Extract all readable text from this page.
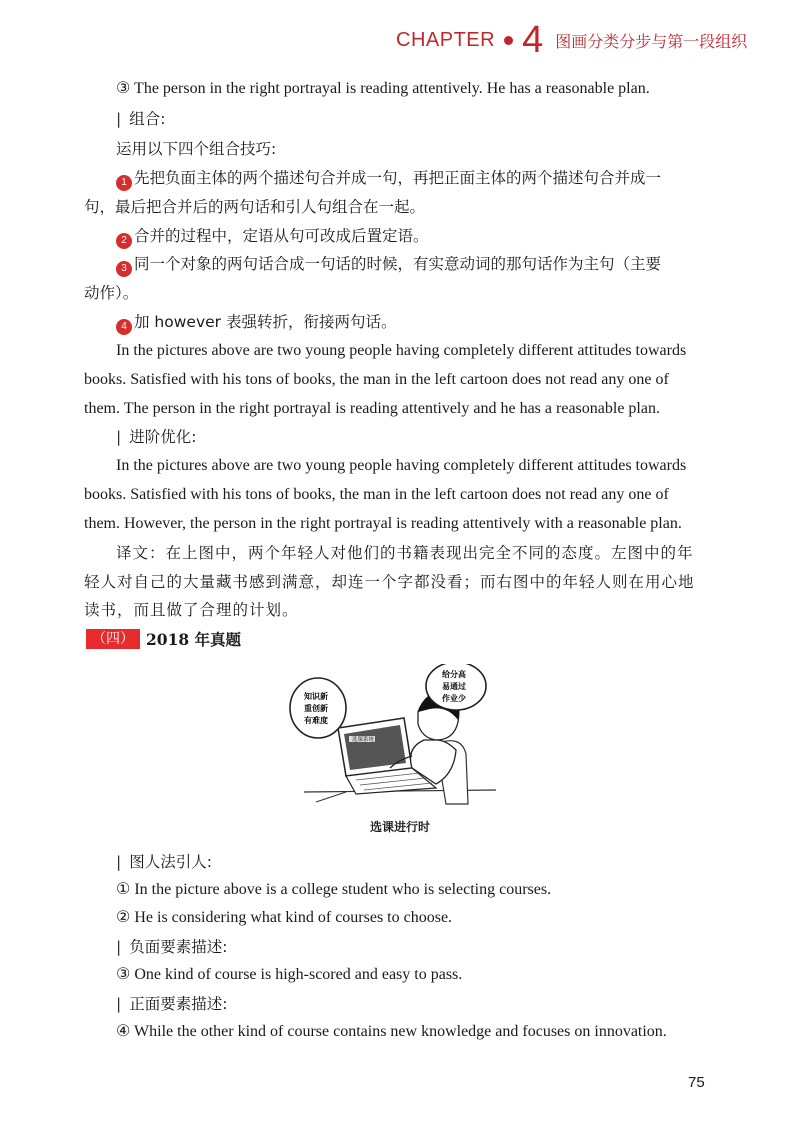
CHAPTER 4 图画分类分步与第一段组织
③ The person in the right portrayal is reading attentively. He has a reasonable plan.
| 组合:
运用以下四个组合技巧:
1 先把负面主体的两个描述句合并成一句，再把正面主体的两个描述句合并成一
句，最后把合并后的两句话和引人句组合在一起。
2 合并的过程中，定语从句可改成后置定语。
3 同一个对象的两句话合成一句话的时候，有实意动词的那句话作为主句（主要
动作）。
4 加 however 表强转折，衔接两句话。
In the pictures above are two young people having completely different attitudes towards
books. Satisfied with his tons of books, the man in the left cartoon does not read any one of
them. The person in the right portrayal is reading attentively and he has a reasonable plan.
| 进阶优化:
In the pictures above are two young people having completely different attitudes towards
books. Satisfied with his tons of books, the man in the left cartoon does not read any one of
them. However, the person in the right portrayal is reading attentively with a reasonable plan.
译文：在上图中，两个年轻人对他们的书籍表现出完全不同的态度。左图中的年
轻人对自己的大量藏书感到满意，却连一个字都没看；而右图中的年轻人则在用心地
读书，而且做了合理的计划。
（四） 2018 年真题
选课系统
知识新
重创新
有难度
给分高
易通过
作业少
选课进行时
| 图人法引人:
① In the picture above is a college student who is selecting courses.
② He is considering what kind of courses to choose.
| 负面要素描述:
③ One kind of course is high-scored and easy to pass.
| 正面要素描述:
④ While the other kind of course contains new knowledge and focuses on innovation.
75
